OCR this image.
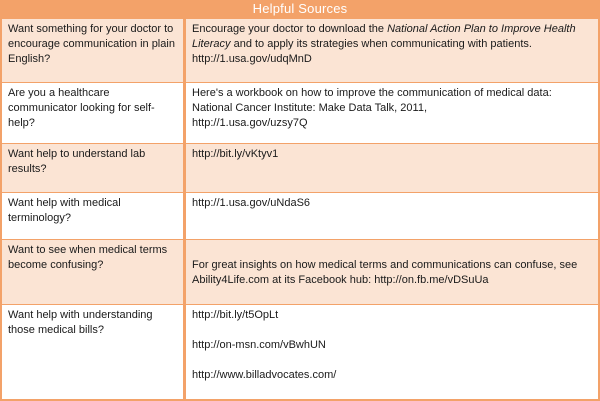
Helpful Sources
Want something for your doctor to encourage communication in plain English?
Encourage your doctor to download the National Action Plan to Improve Health Literacy and to apply its strategies when communicating with patients.
http://1.usa.gov/udqMnD
Are you a healthcare communicator looking for self-help?
Here's a workbook on how to improve the communication of medical data: National Cancer Institute: Make Data Talk, 2011,
http://1.usa.gov/uzsy7Q
Want help to understand lab results?
http://bit.ly/vKtyv1
Want help with medical terminology?
http://1.usa.gov/uNdaS6
Want to see when medical terms become confusing?	For great insights on how medical terms and communications can confuse, see Ability4Life.com at its Facebook hub: http://on.fb.me/vDSuUa
Want help with understanding those medical bills?
http://bit.ly/t5OpLt
http://on-msn.com/vBwhUN
http://www.billadvocates.com/
